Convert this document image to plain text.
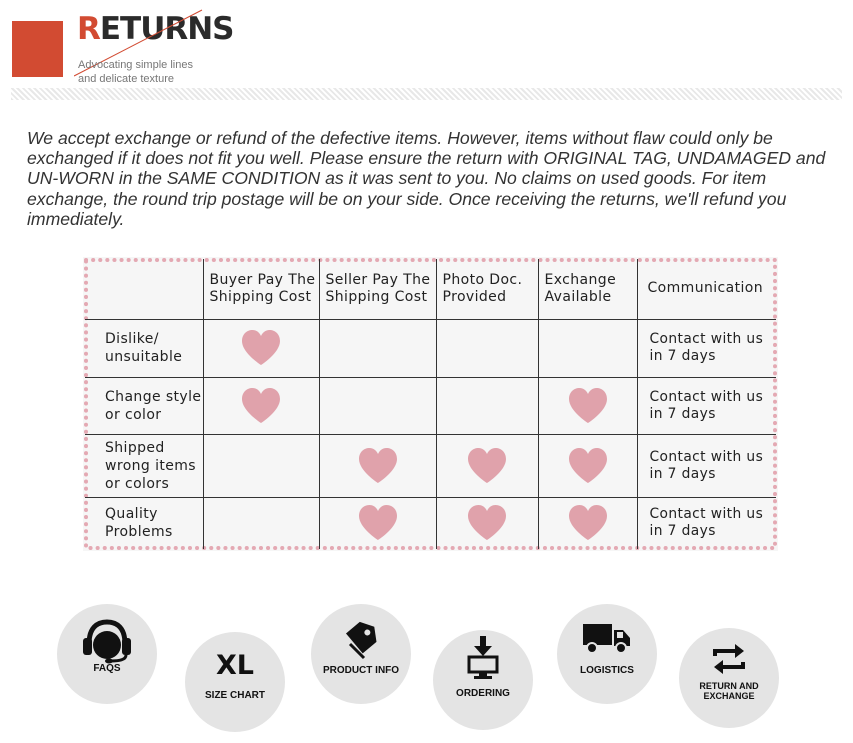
RETURNS
Advocating simple lines
and delicate texture

We accept exchange or refund of the defective items. However, items without flaw could only be exchanged if it does not fit you well. Please ensure the return with ORIGINAL TAG, UNDAMAGED and UN-WORN in the SAME CONDITION as it was sent to you. No claims on used goods. For item exchange, the round trip postage will be on your side. Once receiving the returns, we'll refund you immediately.

	Buyer Pay The Shipping Cost	Seller Pay The Shipping Cost	Photo Doc. Provided	Exchange Available	Communication
Dislike/ unsuitable					Contact with us in 7 days
Change style or color					Contact with us in 7 days
Shipped wrong items or colors					Contact with us in 7 days
Quality Problems					Contact with us in 7 days
FAQS	XL
SIZE CHART
PRODUCT INFO
ORDERING
LOGISTICS
RETURN AND
EXCHANGE
